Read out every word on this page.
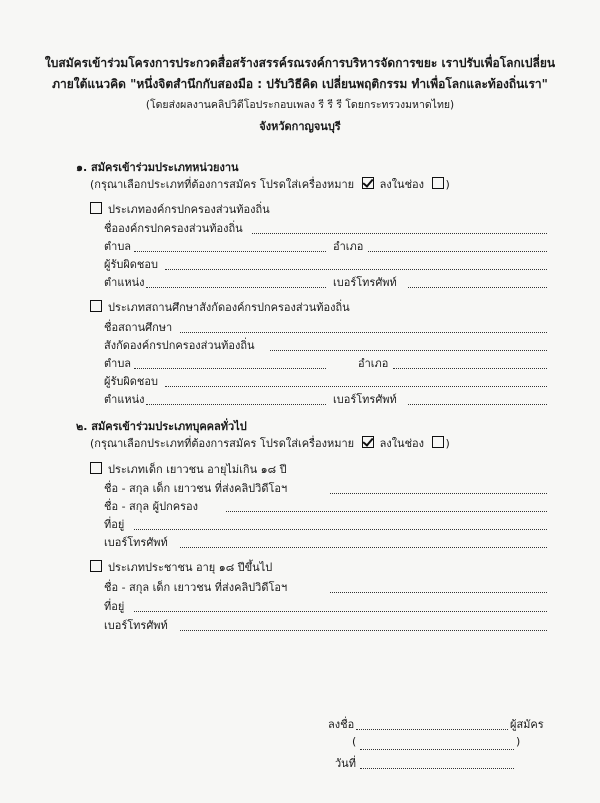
ใบสมัครเข้าร่วมโครงการประกวดสื่อสร้างสรรค์รณรงค์การบริหารจัดการขยะ เราปรับเพื่อโลกเปลี่ยน
ภายใต้แนวคิด "หนึ่งจิตสำนึกกับสองมือ : ปรับวิธีคิด เปลี่ยนพฤติกรรม ทำเพื่อโลกและท้องถิ่นเรา"
(โดยส่งผลงานคลิปวิดีโอประกอบเพลง รี รี รี โดยกระทรวงมหาดไทย)
จังหวัดกาญจนบุรี
๑. สมัครเข้าร่วมประเภทหน่วยงาน
(กรุณาเลือกประเภทที่ต้องการสมัคร โปรดใส่เครื่องหมาย ลงในช่อง )
ประเภทองค์กรปกครองส่วนท้องถิ่น
ชื่อองค์กรปกครองส่วนท้องถิ่น
ตำบล	อำเภอ
ผู้รับผิดชอบ
ตำแหน่ง	เบอร์โทรศัพท์
ประเภทสถานศึกษาสังกัดองค์กรปกครองส่วนท้องถิ่น
ชื่อสถานศึกษา
สังกัดองค์กรปกครองส่วนท้องถิ่น
ตำบล	อำเภอ
ผู้รับผิดชอบ
ตำแหน่ง	เบอร์โทรศัพท์
๒. สมัครเข้าร่วมประเภทบุคคลทั่วไป
(กรุณาเลือกประเภทที่ต้องการสมัคร โปรดใส่เครื่องหมาย ลงในช่อง )
ประเภทเด็ก เยาวชน อายุไม่เกิน ๑๘ ปี
ชื่อ - สกุล เด็ก เยาวชน ที่ส่งคลิปวิดีโอฯ
ชื่อ - สกุล ผู้ปกครอง
ที่อยู่
เบอร์โทรศัพท์
ประเภทประชาชน อายุ ๑๘ ปีขึ้นไป
ชื่อ - สกุล เด็ก เยาวชน ที่ส่งคลิปวิดีโอฯ
ที่อยู่
เบอร์โทรศัพท์
ลงชื่อ	ผู้สมัคร
(	)
วันที่
